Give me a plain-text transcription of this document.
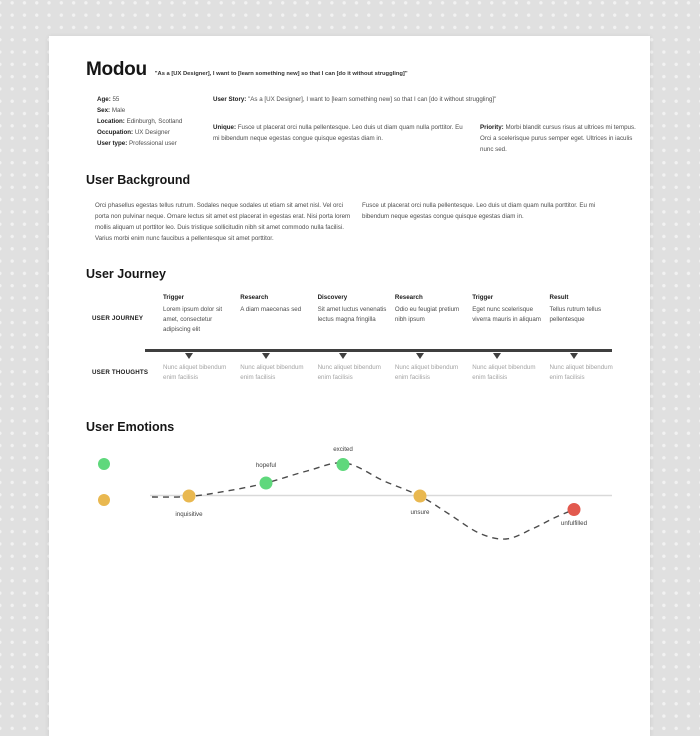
Modou "As a [UX Designer], I want to [learn something new] so that I can [do it without struggling]"
Age: 55
Sex: Male
Location: Edinburgh, Scotland
Occupation: UX Designer
User type: Professional user
User Story: "As a [UX Designer], I want to [learn something new] so that I can [do it without struggling]"
Unique: Fusce ut placerat orci nulla pellentesque. Leo duis ut diam quam nulla porttitor. Eu mi bibendum neque egestas congue quisque egestas diam in.
Priority: Morbi blandit cursus risus at ultrices mi tempus. Orci a scelerisque purus semper eget. Ultrices in iaculis nunc sed.
User Background
Orci phasellus egestas tellus rutrum. Sodales neque sodales ut etiam sit amet nisl. Vel orci porta non pulvinar neque. Ornare lectus sit amet est placerat in egestas erat. Nisi porta lorem mollis aliquam ut porttitor leo. Duis tristique sollicitudin nibh sit amet commodo nulla facilisi. Varius morbi enim nunc faucibus a pellentesque sit amet porttitor.
Fusce ut placerat orci nulla pellentesque. Leo duis ut diam quam nulla porttitor. Eu mi bibendum neque egestas congue quisque egestas diam in.
User Journey
USER JOURNEY
Trigger
Lorem ipsum dolor sit amet, consectetur adipiscing elit
Research
A diam maecenas sed
Discovery
Sit amet luctus venenatis lectus magna fringilla
Research
Odio eu feugiat pretium nibh ipsum
Trigger
Eget nunc scelerisque viverra mauris in aliquam
Result
Tellus rutrum tellus pellentesque
USER THOUGHTS
Nunc aliquet bibendum enim facilisis
Nunc aliquet bibendum enim facilisis
Nunc aliquet bibendum enim facilisis
Nunc aliquet bibendum enim facilisis
Nunc aliquet bibendum enim facilisis
Nunc aliquet bibendum enim facilisis
User Emotions
inquisitive
hopeful
excited
unsure
unfulfilled
